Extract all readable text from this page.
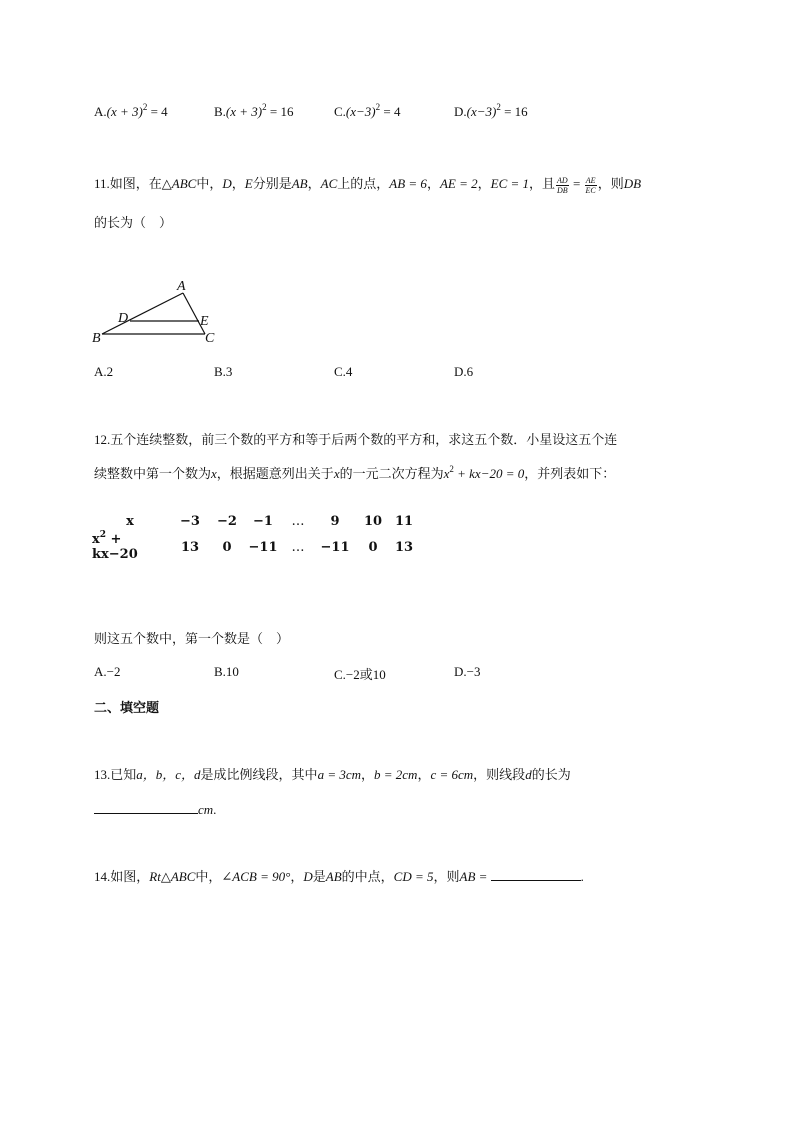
$A.(x + 3)^2 = 4$	$B.(x + 3)^2 = 16$	$C.(x-3)^2 = 4$	$D.(x-3)^2 = 16$
11.如图，在△ABC中，D，E分别是AB，AC上的点，AB = 6，AE = 2，EC = 1，且 $\frac{AD}{DB} = \frac{AE}{EC}$ ，则DB
的长为（　）
A
B	C
D	E
A.2	B.3	C.4	D.6
12.五个连续整数，前三个数的平方和等于后两个数的平方和，求这五个数．小星设这五个连
续整数中第一个数为x，根据题意列出关于x的一元二次方程为$x^2 + kx-20 = 0$，并列表如下：
x	−3	−2	−1	…	9	10	11
$x^2 + kx-20$	13	0	−11	…	−11	0	13
则这五个数中，第一个数是（　）
A.−2	B.10	C.−2或10	D.−3
二、填空题
13.已知a，b，c，d是成比例线段，其中a = 3cm，b = 2cm，c = 6cm，则线段d的长为
cm.
14.如图，Rt△ABC中，∠ACB = 90°，D是AB的中点，CD = 5，则AB =	.
